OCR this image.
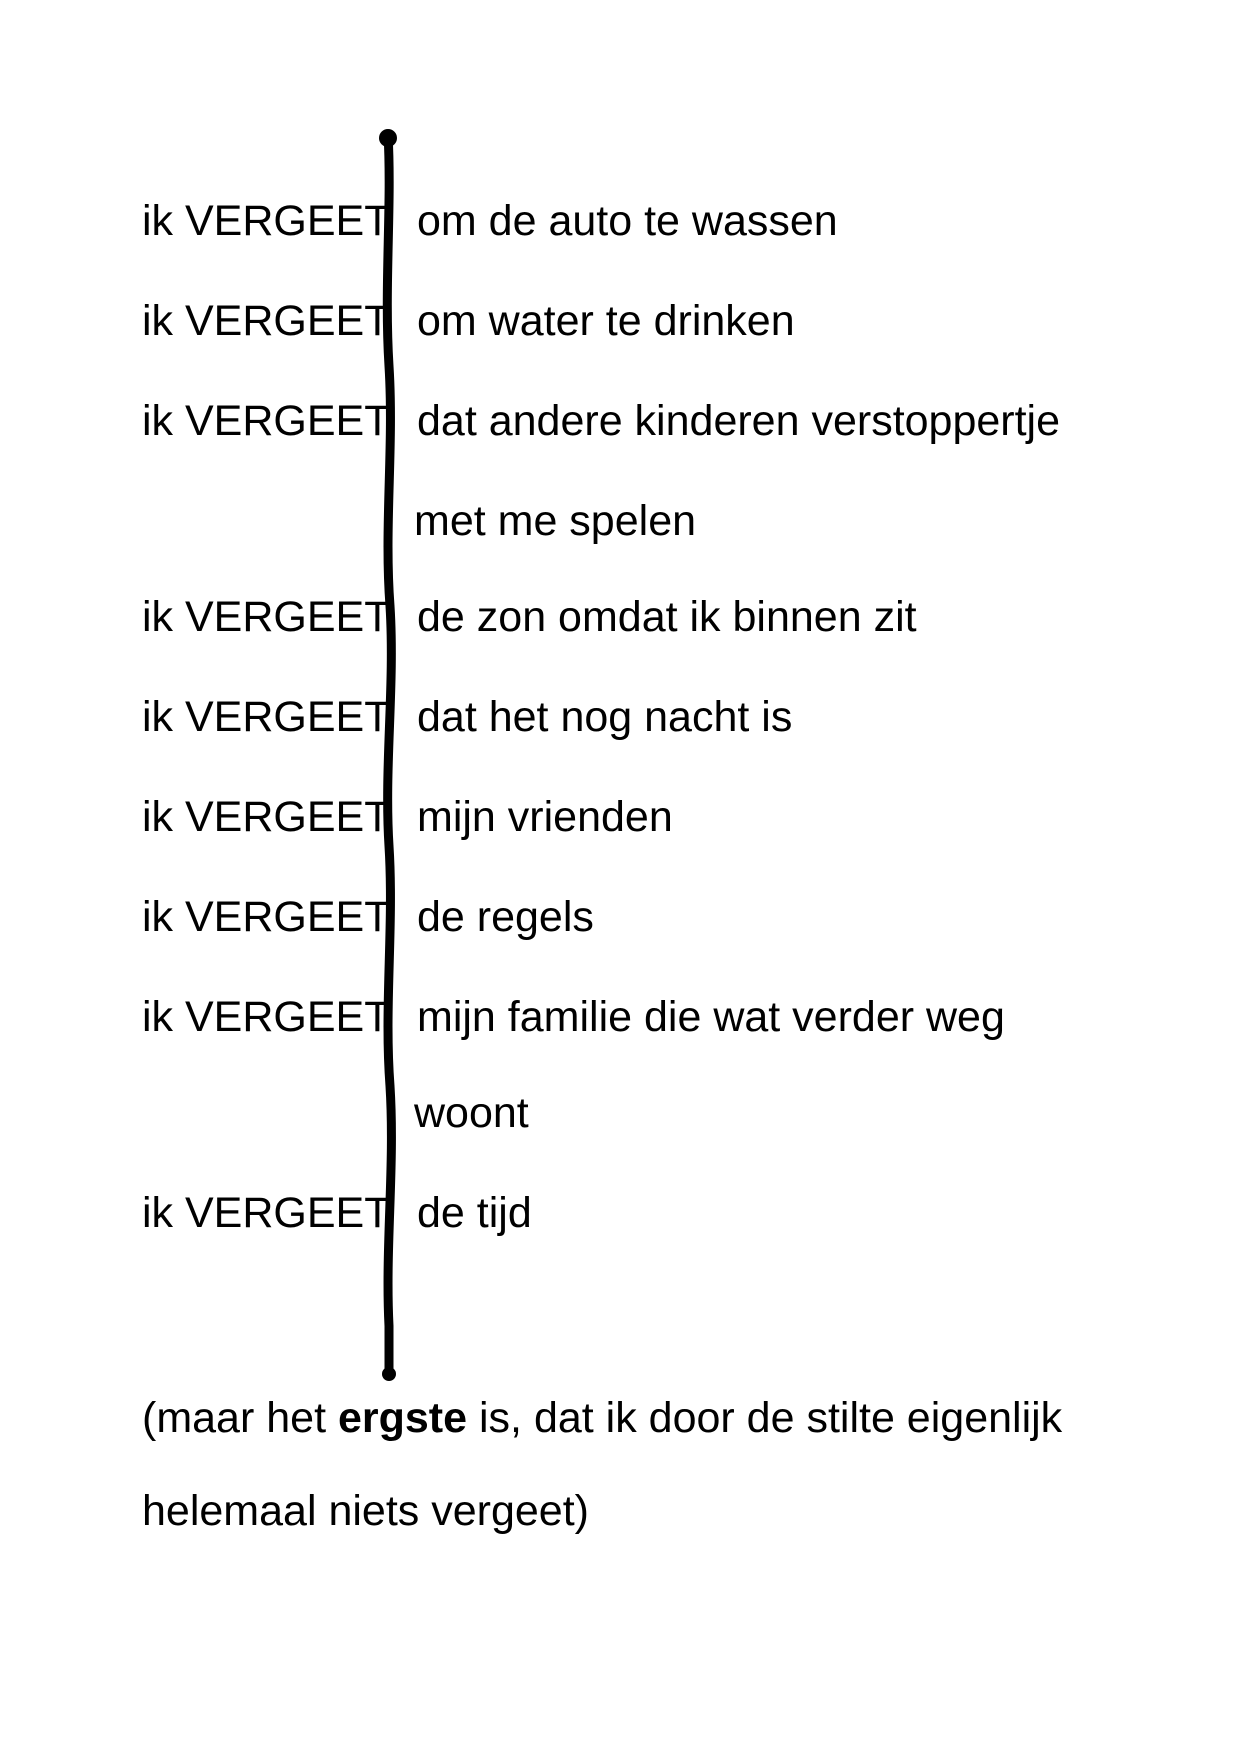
ik VERGEET om de auto te wassen

ik VERGEET om water te drinken

ik VERGEET dat andere kinderen verstoppertje

met me spelen

ik VERGEET de zon omdat ik binnen zit

ik VERGEET dat het nog nacht is

ik VERGEET mijn vrienden

ik VERGEET de regels

ik VERGEET mijn familie die wat verder weg

woont

ik VERGEET de tijd

(maar het ergste is, dat ik door de stilte eigenlijk

helemaal niets vergeet)
